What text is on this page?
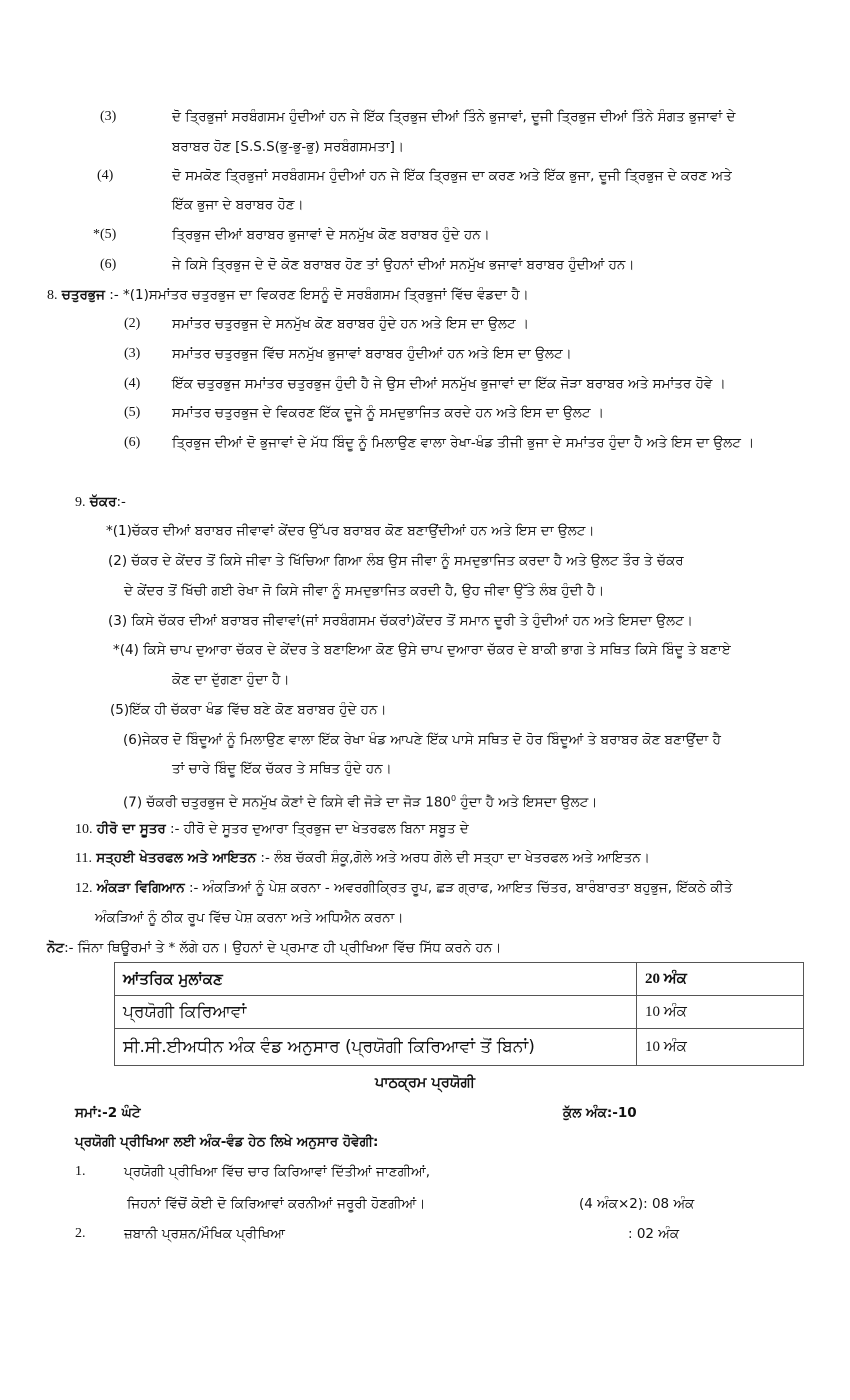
(3)	ਦੋ ਤ੍ਰਿਭੁਜਾਂ ਸਰਬੰਗਸਮ ਹੁੰਦੀਆਂ ਹਨ ਜੇ ਇੱਕ ਤ੍ਰਿਭੁਜ ਦੀਆਂ ਤਿੰਨੇ ਭੁਜਾਵਾਂ, ਦੂਜੀ ਤ੍ਰਿਭੁਜ ਦੀਆਂ ਤਿੰਨੇ ਸੰਗਤ ਭੁਜਾਵਾਂ ਦੇ
ਬਰਾਬਰ ਹੋਣ [S.S.S(ਭੁ-ਭੁ-ਭੁ) ਸਰਬੰਗਸਮਤਾ]।
(4)	ਦੋ ਸਮਕੋਣ ਤ੍ਰਿਭੁਜਾਂ ਸਰਬੰਗਸਮ ਹੁੰਦੀਆਂ ਹਨ ਜੇ ਇੱਕ ਤ੍ਰਿਭੁਜ ਦਾ ਕਰਣ ਅਤੇ ਇੱਕ ਭੁਜਾ, ਦੂਜੀ ਤ੍ਰਿਭੁਜ ਦੇ ਕਰਣ ਅਤੇ
ਇੱਕ ਭੁਜਾ ਦੇ ਬਰਾਬਰ ਹੋਣ।
*(5)	ਤ੍ਰਿਭੁਜ ਦੀਆਂ ਬਰਾਬਰ ਭੁਜਾਵਾਂ ਦੇ ਸਨਮੁੱਖ ਕੋਣ ਬਰਾਬਰ ਹੁੰਦੇ ਹਨ।
(6)	ਜੇ ਕਿਸੇ ਤ੍ਰਿਭੁਜ ਦੇ ਦੋ ਕੋਣ ਬਰਾਬਰ ਹੋਣ ਤਾਂ ਉਹਨਾਂ ਦੀਆਂ ਸਨਮੁੱਖ ਭਜਾਵਾਂ ਬਰਾਬਰ ਹੁੰਦੀਆਂ ਹਨ।
8. ਚਤੁਰਭੁਜ :- *(1)ਸਮਾਂਤਰ ਚਤੁਰਭੁਜ ਦਾ ਵਿਕਰਣ ਇਸਨੂੰ ਦੋ ਸਰਬੰਗਸਮ ਤ੍ਰਿਭੁਜਾਂ ਵਿੱਚ ਵੰਡਦਾ ਹੈ।
(2) ਸਮਾਂਤਰ ਚਤੁਰਭੁਜ ਦੇ ਸਨਮੁੱਖ ਕੋਣ ਬਰਾਬਰ ਹੁੰਦੇ ਹਨ ਅਤੇ ਇਸ ਦਾ ਉਲਟ ।
(3) ਸਮਾਂਤਰ ਚਤੁਰਭੁਜ ਵਿੱਚ ਸਨਮੁੱਖ ਭੁਜਾਵਾਂ ਬਰਾਬਰ ਹੁੰਦੀਆਂ ਹਨ ਅਤੇ ਇਸ ਦਾ ਉਲਟ।
(4) ਇੱਕ ਚਤੁਰਭੁਜ ਸਮਾਂਤਰ ਚਤੁਰਭੁਜ ਹੁੰਦੀ ਹੈ ਜੇ ਉਸ ਦੀਆਂ ਸਨਮੁੱਖ ਭੁਜਾਵਾਂ ਦਾ ਇੱਕ ਜੋੜਾ ਬਰਾਬਰ ਅਤੇ ਸਮਾਂਤਰ ਹੋਵੇ ।
(5) ਸਮਾਂਤਰ ਚਤੁਰਭੁਜ ਦੇ ਵਿਕਰਣ ਇੱਕ ਦੂਜੇ ਨੂੰ ਸਮਦੁਭਾਜਿਤ ਕਰਦੇ ਹਨ ਅਤੇ ਇਸ ਦਾ ਉਲਟ ।
(6) ਤ੍ਰਿਭੁਜ ਦੀਆਂ ਦੋ ਭੁਜਾਵਾਂ ਦੇ ਮੱਧ ਬਿੰਦੂ ਨੂੰ ਮਿਲਾਉਣ ਵਾਲਾ ਰੇਖਾ-ਖੰਡ ਤੀਜੀ ਭੁਜਾ ਦੇ ਸਮਾਂਤਰ ਹੁੰਦਾ ਹੈ ਅਤੇ ਇਸ ਦਾ ਉਲਟ ।
9. ਚੱਕਰ:-
*(1)ਚੱਕਰ ਦੀਆਂ ਬਰਾਬਰ ਜੀਵਾਵਾਂ ਕੇਂਦਰ ਉੱਪਰ ਬਰਾਬਰ ਕੋਣ ਬਣਾਉਂਦੀਆਂ ਹਨ ਅਤੇ ਇਸ ਦਾ ਉਲਟ।
(2) ਚੱਕਰ ਦੇ ਕੇਂਦਰ ਤੋਂ ਕਿਸੇ ਜੀਵਾ ਤੇ ਖਿੱਚਿਆ ਗਿਆ ਲੰਬ ਉਸ ਜੀਵਾ ਨੂੰ ਸਮਦੁਭਾਜਿਤ ਕਰਦਾ ਹੈ ਅਤੇ ਉਲਟ ਤੌਰ ਤੇ ਚੱਕਰ
ਦੇ ਕੇਂਦਰ ਤੋਂ ਖਿੱਚੀ ਗਈ ਰੇਖਾ ਜੋ ਕਿਸੇ ਜੀਵਾ ਨੂੰ ਸਮਦੁਭਾਜਿਤ ਕਰਦੀ ਹੈ, ਉਹ ਜੀਵਾ ਉੱਤੇ ਲੰਬ ਹੁੰਦੀ ਹੈ।
(3) ਕਿਸੇ ਚੱਕਰ ਦੀਆਂ ਬਰਾਬਰ ਜੀਵਾਵਾਂ(ਜਾਂ ਸਰਬੰਗਸਮ ਚੱਕਰਾਂ)ਕੇਂਦਰ ਤੋਂ ਸਮਾਨ ਦੂਰੀ ਤੇ ਹੁੰਦੀਆਂ ਹਨ ਅਤੇ ਇਸਦਾ ਉਲਟ।
*(4) ਕਿਸੇ ਚਾਪ ਦੁਆਰਾ ਚੱਕਰ ਦੇ ਕੇਂਦਰ ਤੇ ਬਣਾਇਆ ਕੋਣ ਉਸੇ ਚਾਪ ਦੁਆਰਾ ਚੱਕਰ ਦੇ ਬਾਕੀ ਭਾਗ ਤੇ ਸਥਿਤ ਕਿਸੇ ਬਿੰਦੂ ਤੇ ਬਣਾਏ
ਕੋਣ ਦਾ ਦੁੱਗਣਾ ਹੁੰਦਾ ਹੈ।
(5)ਇੱਕ ਹੀ ਚੱਕਰਾ ਖੰਡ ਵਿੱਚ ਬਣੇ ਕੋਣ ਬਰਾਬਰ ਹੁੰਦੇ ਹਨ।
(6)ਜੇਕਰ ਦੋ ਬਿੰਦੂਆਂ ਨੂੰ ਮਿਲਾਉਣ ਵਾਲਾ ਇੱਕ ਰੇਖਾ ਖੰਡ ਆਪਣੇ ਇੱਕ ਪਾਸੇ ਸਥਿਤ ਦੋ ਹੋਰ ਬਿੰਦੂਆਂ ਤੇ ਬਰਾਬਰ ਕੋਣ ਬਣਾਉਂਦਾ ਹੈ
ਤਾਂ ਚਾਰੇ ਬਿੰਦੂ ਇੱਕ ਚੱਕਰ ਤੇ ਸਥਿਤ ਹੁੰਦੇ ਹਨ।
(7) ਚੱਕਰੀ ਚਤੁਰਭੁਜ ਦੇ ਸਨਮੁੱਖ ਕੋਣਾਂ ਦੇ ਕਿਸੇ ਵੀ ਜੋੜੇ ਦਾ ਜੋੜ $180^0$ ਹੁੰਦਾ ਹੈ ਅਤੇ ਇਸਦਾ ਉਲਟ।
10. ਹੀਰੋ ਦਾ ਸੂਤਰ :- ਹੀਰੋ ਦੇ ਸੂਤਰ ਦੁਆਰਾ ਤ੍ਰਿਭੁਜ ਦਾ ਖੇਤਰਫਲ ਬਿਨਾ ਸਬੂਤ ਦੇ
11. ਸਤ੍ਹਈ ਖੇਤਰਫਲ ਅਤੇ ਆਇਤਨ :- ਲੰਬ ਚੱਕਰੀ ਸ਼ੰਕੂ,ਗੋਲੇ ਅਤੇ ਅਰਧ ਗੋਲੇ ਦੀ ਸਤ੍ਹਾ ਦਾ ਖੇਤਰਫਲ ਅਤੇ ਆਇਤਨ।
12. ਅੰਕੜਾ ਵਿਗਿਆਨ :- ਅੰਕੜਿਆਂ ਨੂੰ ਪੇਸ਼ ਕਰਨਾ - ਅਵਰਗੀਕ੍ਰਿਤ ਰੂਪ, ਛੜ ਗ੍ਰਾਫ, ਆਇਤ ਚਿੱਤਰ, ਬਾਰੰਬਾਰਤਾ ਬਹੁਭੁਜ, ਇੱਕਠੇ ਕੀਤੇ
ਅੰਕੜਿਆਂ ਨੂੰ ਠੀਕ ਰੂਪ ਵਿੱਚ ਪੇਸ਼ ਕਰਨਾ ਅਤੇ ਅਧਿਐਨ ਕਰਨਾ।
ਨੋਟ:- ਜਿੰਨਾ ਥਿਊਰਮਾਂ ਤੇ * ਲੱਗੇ ਹਨ। ਉਹਨਾਂ ਦੇ ਪ੍ਰਮਾਣ ਹੀ ਪ੍ਰੀਖਿਆ ਵਿੱਚ ਸਿੱਧ ਕਰਨੇ ਹਨ।
ਆਂਤਰਿਕ ਮੁਲਾਂਕਣ	20 ਅੰਕ
ਪ੍ਰਯੋਗੀ ਕਿਰਿਆਵਾਂ	10 ਅੰਕ
ਸੀ.ਸੀ.ਈਅਧੀਨ ਅੰਕ ਵੰਡ ਅਨੁਸਾਰ (ਪ੍ਰਯੋਗੀ ਕਿਰਿਆਵਾਂ ਤੋਂ ਬਿਨਾਂ)	10 ਅੰਕ
ਪਾਠਕ੍ਰਮ ਪ੍ਰਯੋਗੀ
ਸਮਾਂ:-2 ਘੰਟੇ	ਕੁੱਲ ਅੰਕ:-10
ਪ੍ਰਯੋਗੀ ਪ੍ਰੀਖਿਆ ਲਈ ਅੰਕ-ਵੰਡ ਹੇਠ ਲਿਖੇ ਅਨੁਸਾਰ ਹੋਵੇਗੀ:
1.	ਪ੍ਰਯੋਗੀ ਪ੍ਰੀਖਿਆ ਵਿੱਚ ਚਾਰ ਕਿਰਿਆਵਾਂ ਦਿੱਤੀਆਂ ਜਾਣਗੀਆਂ,
ਜਿਹਨਾਂ ਵਿੱਚੋਂ ਕੋਈ ਦੋ ਕਿਰਿਆਵਾਂ ਕਰਨੀਆਂ ਜਰੂਰੀ ਹੋਣਗੀਆਂ।	(4 ਅੰਕ×2): 08 ਅੰਕ
2.	ਜ਼ਬਾਨੀ ਪ੍ਰਸ਼ਨ/ਮੌਖਿਕ ਪ੍ਰੀਖਿਆ	: 02 ਅੰਕ
